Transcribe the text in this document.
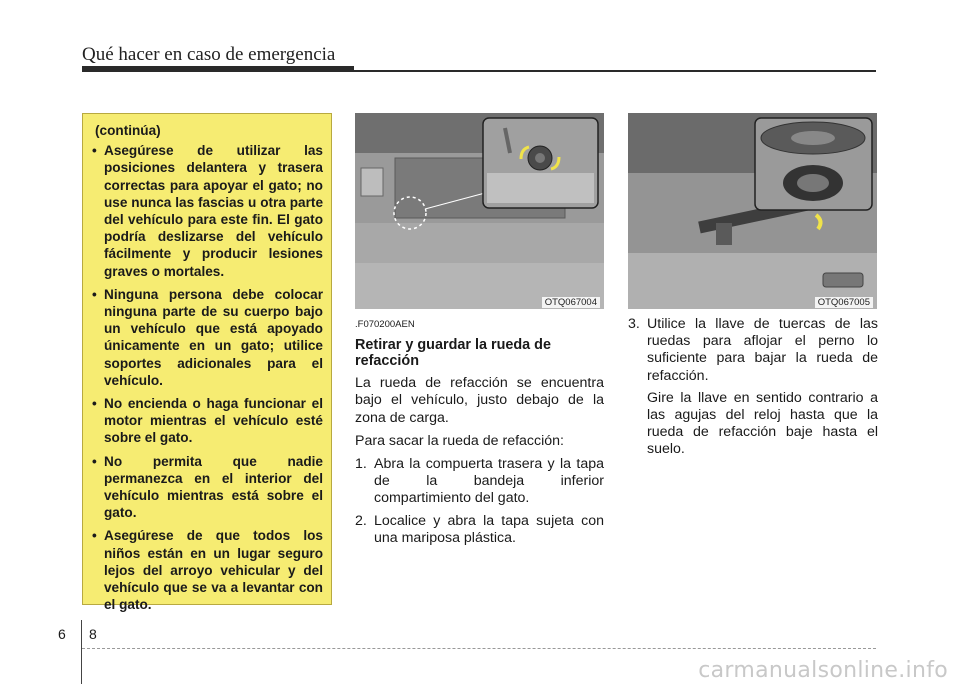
Qué hacer en caso de emergencia
(continúa)
• Asegúrese de utilizar las posiciones delantera y trasera correctas para apoyar el gato; no use nunca las fascias u otra parte del vehículo para este fin. El gato podría deslizarse del vehículo fácilmente y producir lesiones graves o mortales.
• Ninguna persona debe colocar ninguna parte de su cuerpo bajo un vehículo que está apoyado únicamente en un gato; utilice soportes adicionales para el vehículo.
• No encienda o haga funcionar el motor mientras el vehículo esté sobre el gato.
• No permita que nadie permanezca en el interior del vehículo mientras está sobre el gato.
• Asegúrese de que todos los niños están en un lugar seguro lejos del arroyo vehicular y del vehículo que se va a levantar con el gato.
OTQ067004	OTQ067005
.F070200AEN
Retirar y guardar la rueda de refacción

La rueda de refacción se encuentra bajo el vehículo, justo debajo de la zona de carga.

Para sacar la rueda de refacción:

1. Abra la compuerta trasera y la tapa de la bandeja inferior compartimiento del gato.
2. Localice y abra la tapa sujeta con una mariposa plástica.
3. Utilice la llave de tuercas de las ruedas para aflojar el perno lo suficiente para bajar la rueda de refacción.
Gire la llave en sentido contrario a las agujas del reloj hasta que la rueda de refacción baje hasta el suelo.
6 8
carmanualsonline.info
